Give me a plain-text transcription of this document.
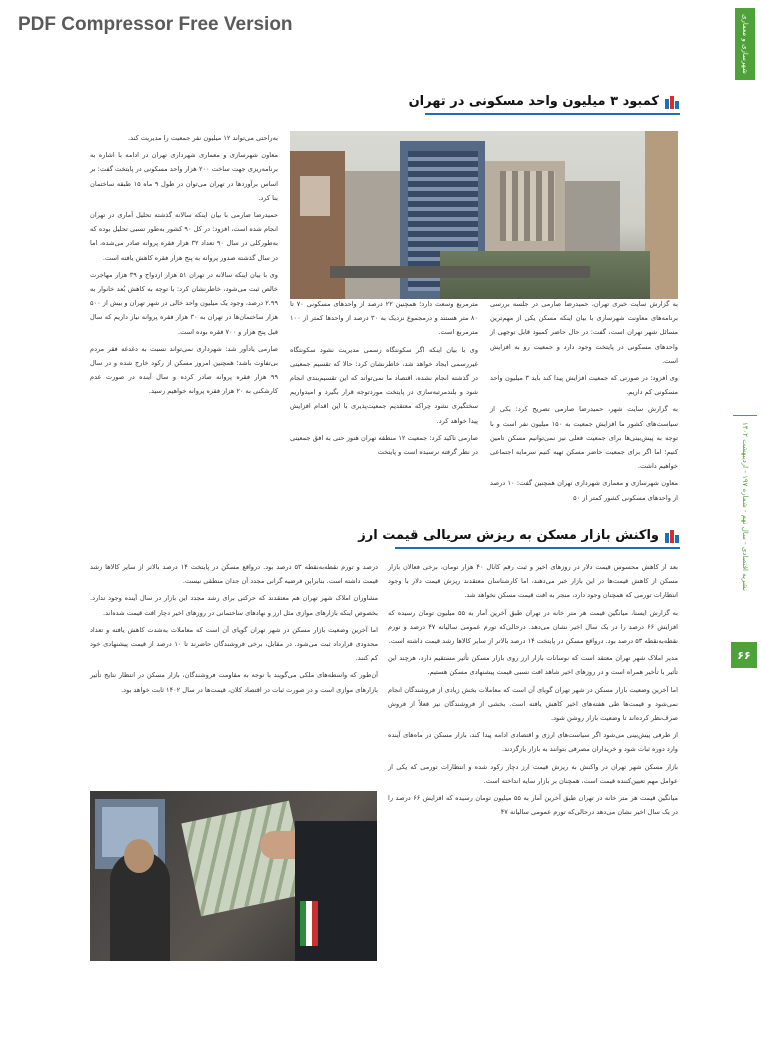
PDF Compressor Free Version	شهرسازی و معماری
نشریه اقتصادی - سال نهم - شماره ۱۹۷ - اردیبهشت ۱۴۰۲
۶۶
کمبود ۳ میلیون واحد مسکونی در تهران

به گزارش سایت خبری تهران، حمیدرضا صارمی در جلسه بررسی برنامه‌های معاونت شهرسازی با بیان اینکه مسکن یکی از مهم‌ترین مسائل شهر تهران است، گفت: در حال حاضر کمبود قابل توجهی از واحدهای مسکونی در پایتخت وجود دارد و جمعیت رو به افزایش است.

وی افزود: در صورتی که جمعیت افزایش پیدا کند باید ۳ میلیون واحد مسکونی کم داریم.

به گزارش سایت شهر، حمیدرضا صارمی تصریح کرد: یکی از سیاست‌های کشور ما افزایش جمعیت به ۱۵۰ میلیون نفر است و با توجه به پیش‌بینی‌ها برای جمعیت فعلی نیز نمی‌توانیم مسکن تامین کنیم؛ اما اگر برای جمعیت حاضر مسکن تهیه کنیم سرمایه اجتماعی خواهیم داشت.

معاون شهرسازی و معماری شهرداری تهران همچنین گفت: ۱۰ درصد از واحدهای مسکونی کشور کمتر از ۵۰

مترمربع وسعت دارد؛ همچنین ۲۲ درصد از واحدهای مسکونی ۷۰ تا ۸۰ متر هستند و درمجموع نزدیک به ۳۰ درصد از واحدها کمتر از ۱۰۰ مترمربع است.

وی با بیان اینکه اگر سکونتگاه رسمی مدیریت نشود سکونتگاه غیررسمی ایجاد خواهد شد، خاطرنشان کرد: حالا که تقسیم جمعیتی در گذشته انجام نشده، اقتصاد ما نمی‌تواند که این تقسیم‌بندی انجام شود و بلندمرتبه‌سازی در پایتخت موردتوجه قرار بگیرد و امیدواریم سختگیری نشود چراکه معتقدیم جمعیت‌پذیری با این اقدام افزایش پیدا خواهد کرد.

صارمی تاکید کرد: جمعیت ۱۲ منطقه تهران هنوز حتی به افق جمعیتی در نظر گرفته نرسیده است و پایتخت

به‌راحتی می‌تواند ۱۲ میلیون نفر جمعیت را مدیریت کند.

معاون شهرسازی و معماری شهرداری تهران در ادامه با اشاره به برنامه‌ریزی جهت ساخت ۲۰۰ هزار واحد مسکونی در پایتخت گفت: بر اساس برآوردها در تهران می‌توان در طول ۹ ماه ۱۵ طبقه ساختمان بنا کرد.

حمیدرضا صارمی با بیان اینکه سالانه گذشته تحلیل آماری در تهران انجام شده است، افزود: در کل ۹۰ کشور به‌طور نسبی تحلیل بوده که به‌طورکلی در سال ۹۰ تعداد ۳۲ هزار فقره پروانه صادر می‌شده، اما در سال گذشته صدور پروانه به پنج هزار فقره کاهش یافته است.

وی با بیان اینکه سالانه در تهران ۵۱ هزار ازدواج و ۳۹ هزار مهاجرت خالص ثبت می‌شود، خاطرنشان کرد: با توجه به کاهش بُعد خانوار به ۲.۹۹ درصد، وجود یک میلیون واحد خالی در شهر تهران و بیش از ۵۰۰ هزار ساختمان‌ها در تهران به ۳۰ هزار فقره پروانه نیاز داریم که سال قبل پنج هزار و ۷۰۰ فقره بوده است.

صارمی یادآور شد: شهرداری نمی‌تواند نسبت به دغدغه فقر مردم بی‌تفاوت باشد؛ همچنین امروز مسکن از رکود خارج شده و در سال ۹۹ هزار فقره پروانه صادر کرده و سال آینده در صورت عدم کارشکنی به ۲۰ هزار فقره پروانه خواهیم رسید.

واکنش بازار مسکن به ریزش سریالی قیمت ارز

بعد از کاهش محسوس قیمت دلار در روزهای اخیر و ثبت رقم کانال ۴۰ هزار تومان، برخی فعالان بازار مسکن از کاهش قیمت‌ها در این بازار خبر می‌دهند، اما کارشناسان معتقدند ریزش قیمت دلار با وجود انتظارات تورمی که همچنان وجود دارد، منجر به افت قیمت مسکن نخواهد شد.

به گزارش ایسنا، میانگین قیمت هر متر خانه در تهران طبق آخرین آمار به ۵۵ میلیون تومان رسیده که افزایش ۶۶ درصد را در یک سال اخیر نشان می‌دهد. درحالی‌که تورم عمومی سالیانه ۴۷ درصد و تورم نقطه‌به‌نقطه ۵۳ درصد بود. درواقع مسکن در پایتخت ۱۴ درصد بالاتر از سایر کالاها رشد قیمت داشته است.

مدیر املاک شهر تهران معتقد است که نوسانات بازار ارز روی بازار مسکن تأثیر مستقیم دارد، هرچند این تأثیر با تأخیر همراه است و در روزهای اخیر شاهد افت نسبی قیمت پیشنهادی مسکن هستیم.

اما آخرین وضعیت بازار مسکن در شهر تهران گویای آن است که معاملات بخش زیادی از فروشندگان انجام نمی‌شود و قیمت‌ها طی هفته‌های اخیر کاهش یافته است. بخشی از فروشندگان نیز فعلاً از فروش صرف‌نظر کرده‌اند تا وضعیت بازار روشن شود.

از طرفی پیش‌بینی می‌شود اگر سیاست‌های ارزی و اقتصادی ادامه پیدا کند، بازار مسکن در ماه‌های آینده وارد دوره ثبات شود و خریداران مصرفی بتوانند به بازار بازگردند.

بازار مسکن شهر تهران در واکنش به ریزش قیمت ارز دچار رکود شده و انتظارات تورمی که یکی از عوامل مهم تعیین‌کننده قیمت است، همچنان بر بازار سایه انداخته است.

میانگین قیمت هر متر خانه در تهران طبق آخرین آمار به ۵۵ میلیون تومان رسیده که افزایش ۶۶ درصد را در یک سال اخیر نشان می‌دهد درحالی‌که تورم عمومی سالیانه ۴۷

درصد و تورم نقطه‌به‌نقطه ۵۳ درصد بود. درواقع مسکن در پایتخت ۱۴ درصد بالاتر از سایر کالاها رشد قیمت داشته است. بنابراین فرضیه گرانی مجدد آن جدان منطقی نیست.

مشاوران املاک شهر تهران هم معتقدند که حرکتی برای رشد مجدد این بازار در سال آینده وجود ندارد. بخصوص اینکه بازارهای موازی مثل ارز و نهادهای ساختمانی در روزهای اخیر دچار افت قیمت شده‌اند.

اما آخرین وضعیت بازار مسکن در شهر تهران گویای آن است که معاملات به‌شدت کاهش یافته و تعداد محدودی قرارداد ثبت می‌شود. در مقابل، برخی فروشندگان حاضرند تا ۱۰ درصد از قیمت پیشنهادی خود کم کنند.

آن‌طور که واسطه‌های ملکی می‌گویند با توجه به مقاومت فروشندگان، بازار مسکن در انتظار نتایج تأثیر بازارهای موازی است و در صورت ثبات در اقتصاد کلان، قیمت‌ها در سال ۱۴۰۲ ثابت خواهد بود.
